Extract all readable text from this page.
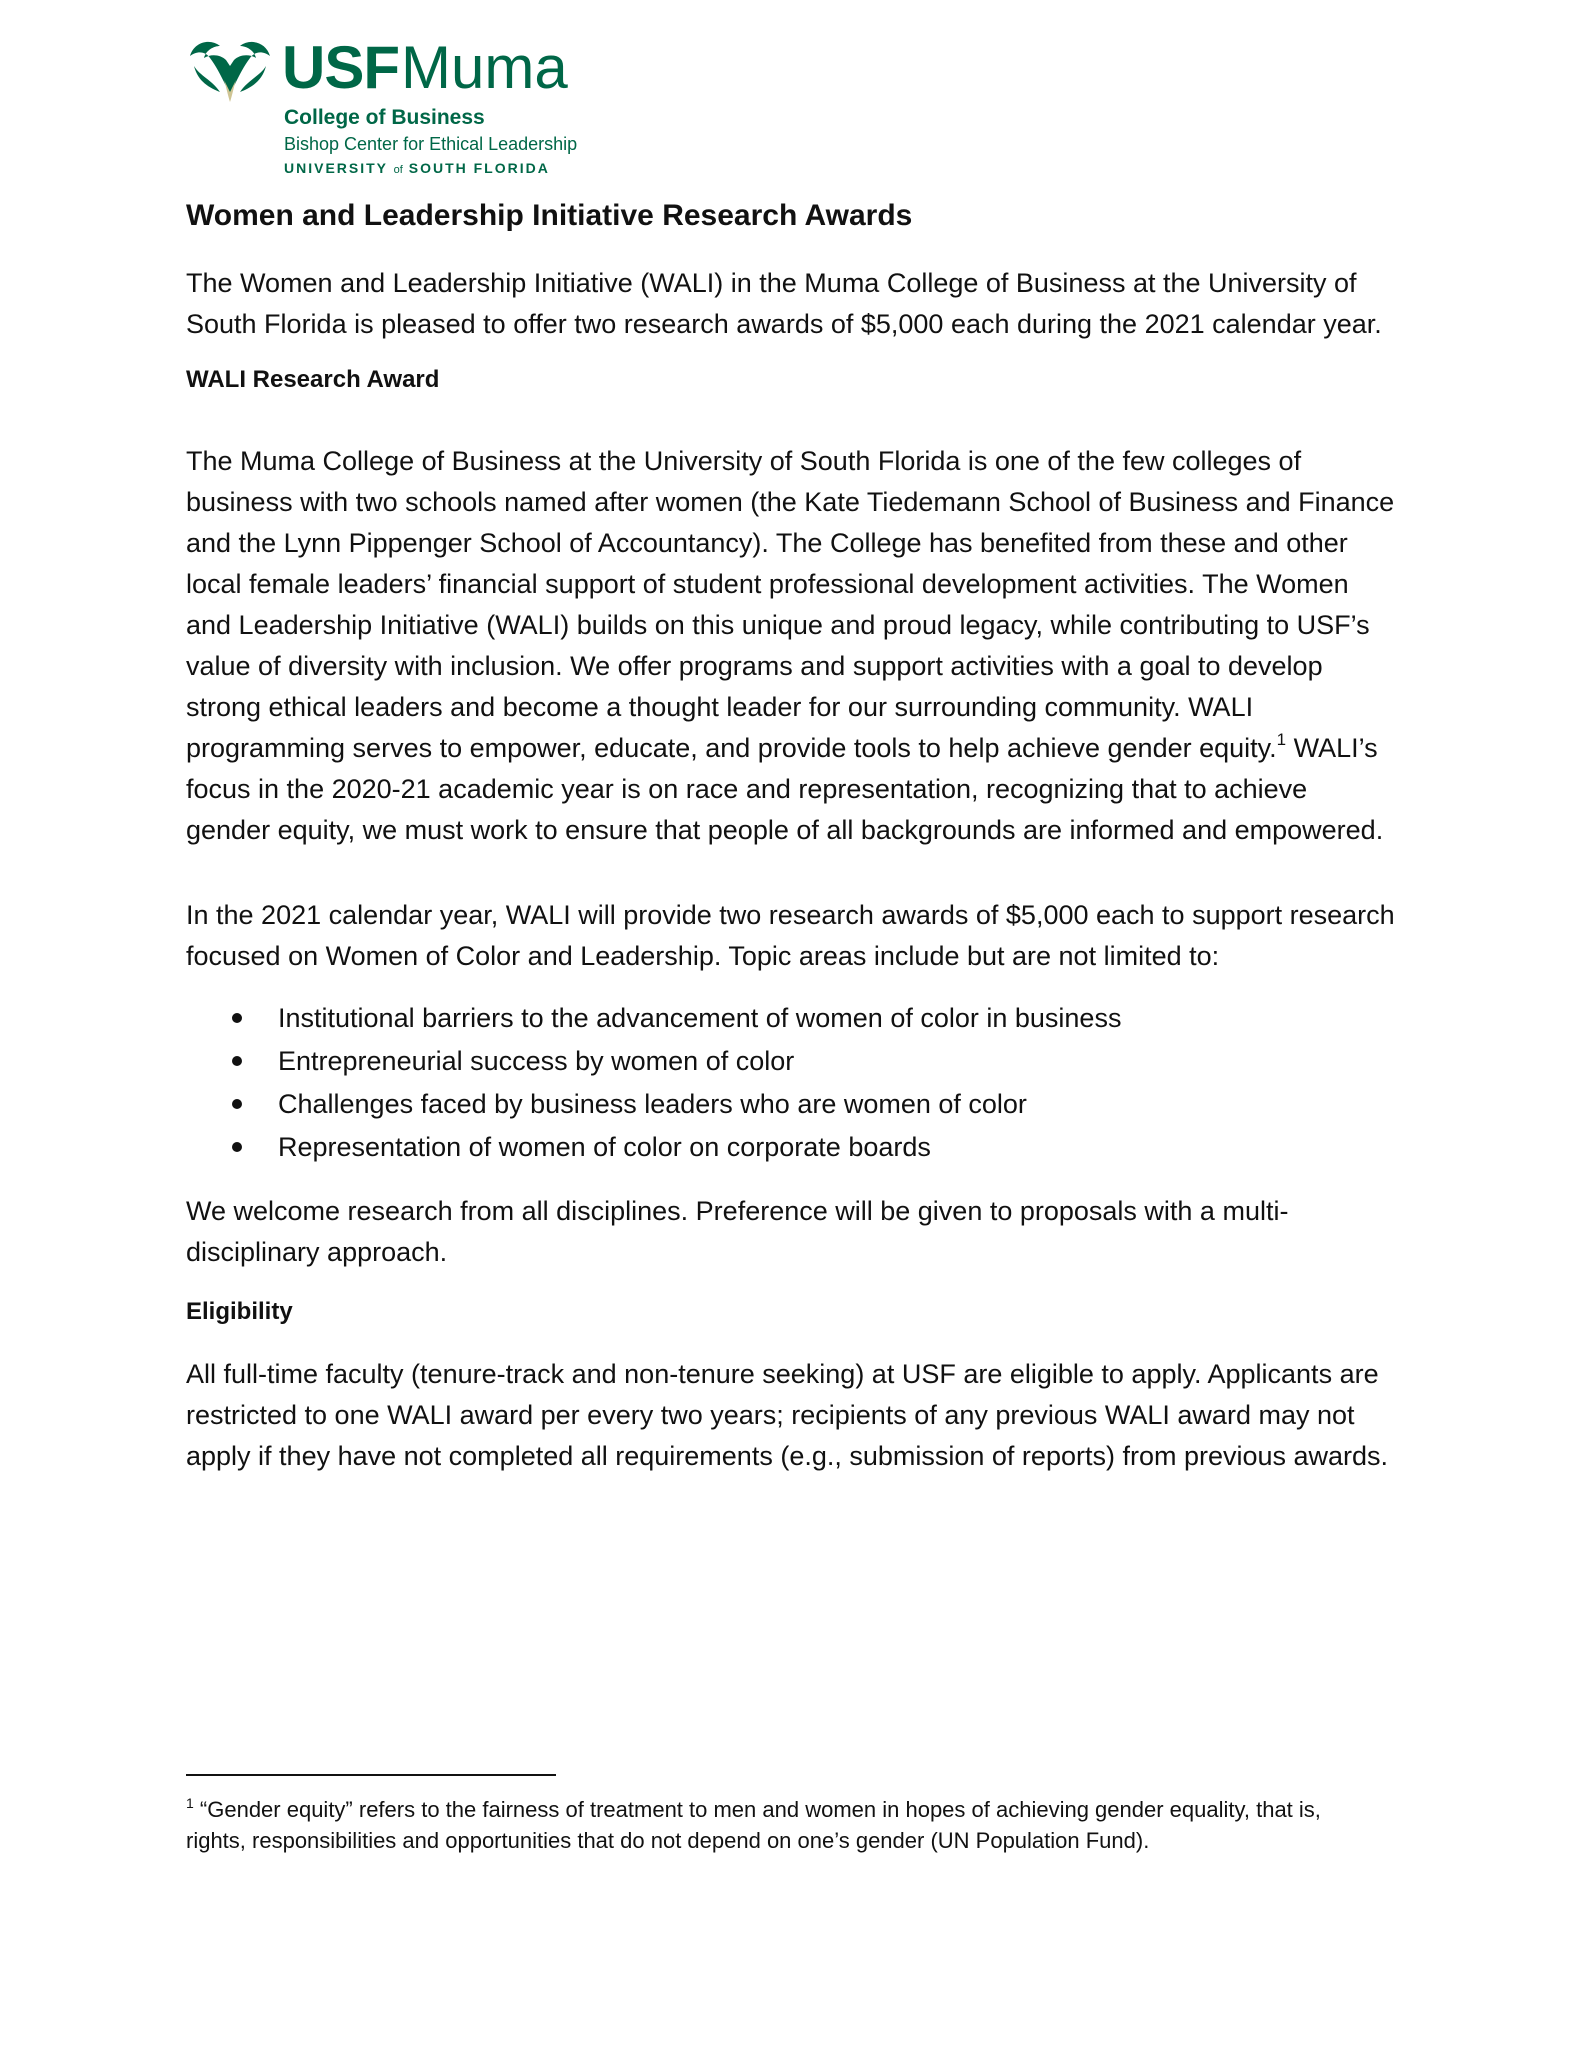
USFMuma
College of Business
Bishop Center for Ethical Leadership
UNIVERSITY of SOUTH FLORIDA
Women and Leadership Initiative Research Awards

The Women and Leadership Initiative (WALI) in the Muma College of Business at the University of South Florida is pleased to offer two research awards of $5,000 each during the 2021 calendar year.

WALI Research Award

The Muma College of Business at the University of South Florida is one of the few colleges of business with two schools named after women (the Kate Tiedemann School of Business and Finance and the Lynn Pippenger School of Accountancy). The College has benefited from these and other local female leaders’ financial support of student professional development activities. The Women and Leadership Initiative (WALI) builds on this unique and proud legacy, while contributing to USF’s value of diversity with inclusion. We offer programs and support activities with a goal to develop strong ethical leaders and become a thought leader for our surrounding community. WALI programming serves to empower, educate, and provide tools to help achieve gender equity.$^1$ WALI’s focus in the 2020-21 academic year is on race and representation, recognizing that to achieve gender equity, we must work to ensure that people of all backgrounds are informed and empowered.

In the 2021 calendar year, WALI will provide two research awards of $5,000 each to support research focused on Women of Color and Leadership. Topic areas include but are not limited to:

Institutional barriers to the advancement of women of color in business
Entrepreneurial success by women of color
Challenges faced by business leaders who are women of color
Representation of women of color on corporate boards

We welcome research from all disciplines. Preference will be given to proposals with a multi-disciplinary approach.

Eligibility

All full-time faculty (tenure-track and non-tenure seeking) at USF are eligible to apply. Applicants are restricted to one WALI award per every two years; recipients of any previous WALI award may not apply if they have not completed all requirements (e.g., submission of reports) from previous awards.

$^1$ “Gender equity” refers to the fairness of treatment to men and women in hopes of achieving gender equality, that is, rights, responsibilities and opportunities that do not depend on one’s gender (UN Population Fund).
